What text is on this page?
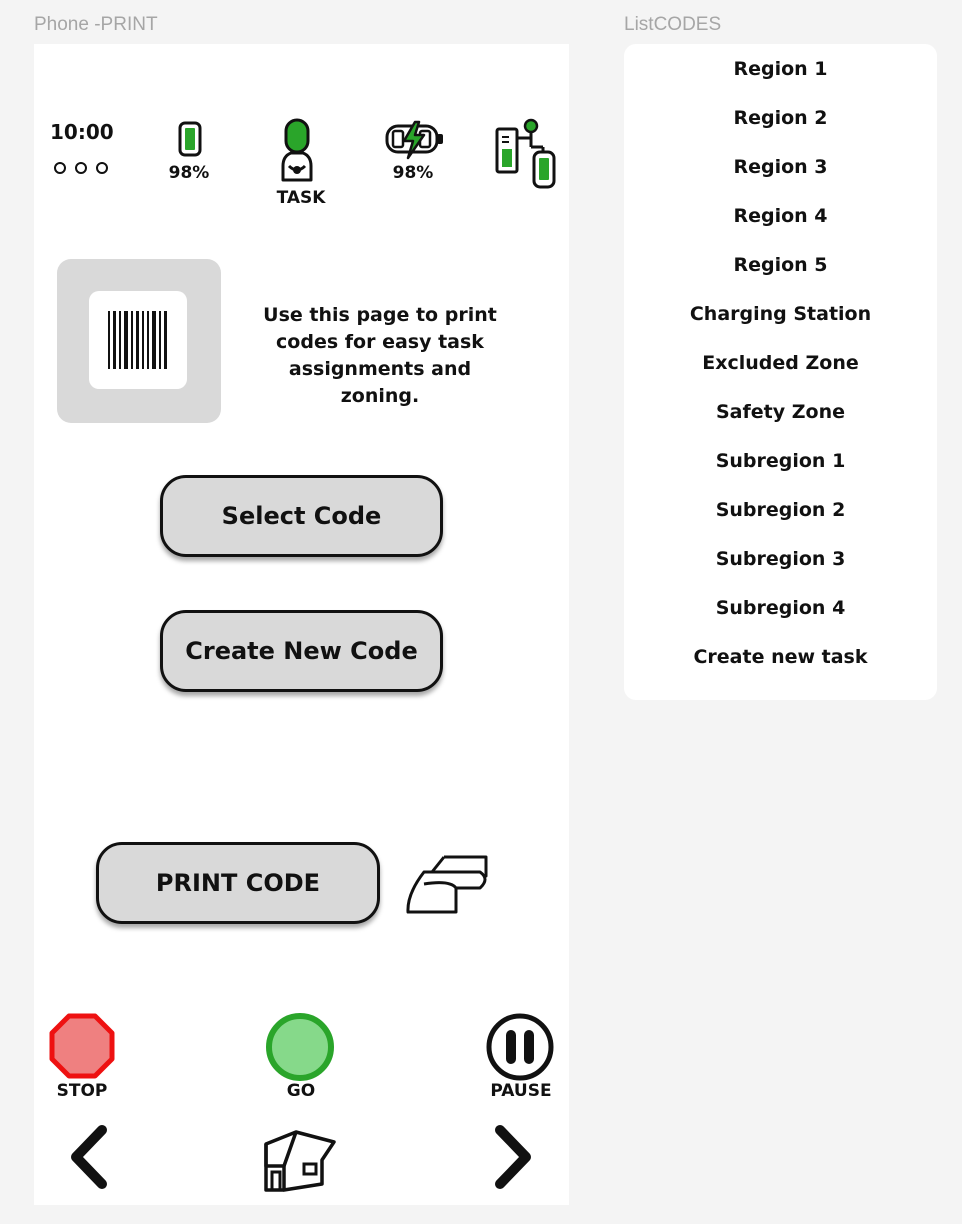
Phone -PRINT	ListCODES
10:00
98%
TASK
98%
Use this page to print codes for easy task assignments and zoning.
Select Code
Create New Code
PRINT CODE
STOP	GO	PAUSE
Region 1
Region 2
Region 3
Region 4
Region 5
Charging Station
Excluded Zone
Safety Zone
Subregion 1
Subregion 2
Subregion 3
Subregion 4
Create new task
